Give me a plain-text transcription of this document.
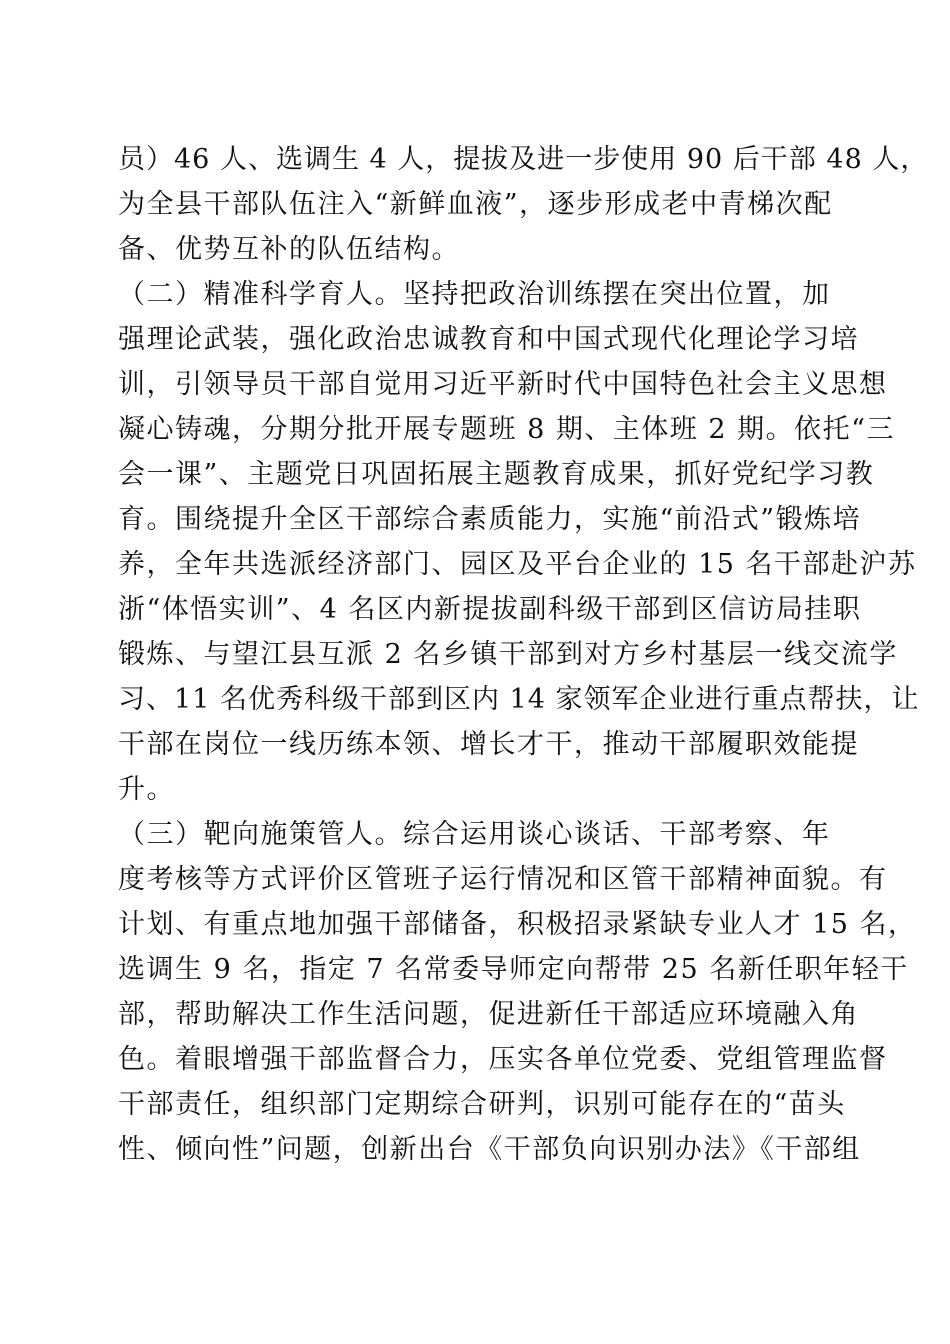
员）46 人、选调生 4 人，提拔及进一步使用 90 后干部 48 人，
为全县干部队伍注入“新鲜血液”，逐步形成老中青梯次配
备、优势互补的队伍结构。
（二）精准科学育人。坚持把政治训练摆在突出位置，加
强理论武装，强化政治忠诚教育和中国式现代化理论学习培
训，引领导员干部自觉用习近平新时代中国特色社会主义思想
凝心铸魂，分期分批开展专题班 8 期、主体班 2 期。依托“三
会一课”、主题党日巩固拓展主题教育成果，抓好党纪学习教
育。围绕提升全区干部综合素质能力，实施“前沿式”锻炼培
养，全年共选派经济部门、园区及平台企业的 15 名干部赴沪苏
浙“体悟实训”、4 名区内新提拔副科级干部到区信访局挂职
锻炼、与望江县互派 2 名乡镇干部到对方乡村基层一线交流学
习、11 名优秀科级干部到区内 14 家领军企业进行重点帮扶，让
干部在岗位一线历练本领、增长才干，推动干部履职效能提
升。
（三）靶向施策管人。综合运用谈心谈话、干部考察、年
度考核等方式评价区管班子运行情况和区管干部精神面貌。有
计划、有重点地加强干部储备，积极招录紧缺专业人才 15 名，
选调生 9 名，指定 7 名常委导师定向帮带 25 名新任职年轻干
部，帮助解决工作生活问题，促进新任干部适应环境融入角
色。着眼增强干部监督合力，压实各单位党委、党组管理监督
干部责任，组织部门定期综合研判，识别可能存在的“苗头
性、倾向性”问题，创新出台《干部负向识别办法》《干部组
